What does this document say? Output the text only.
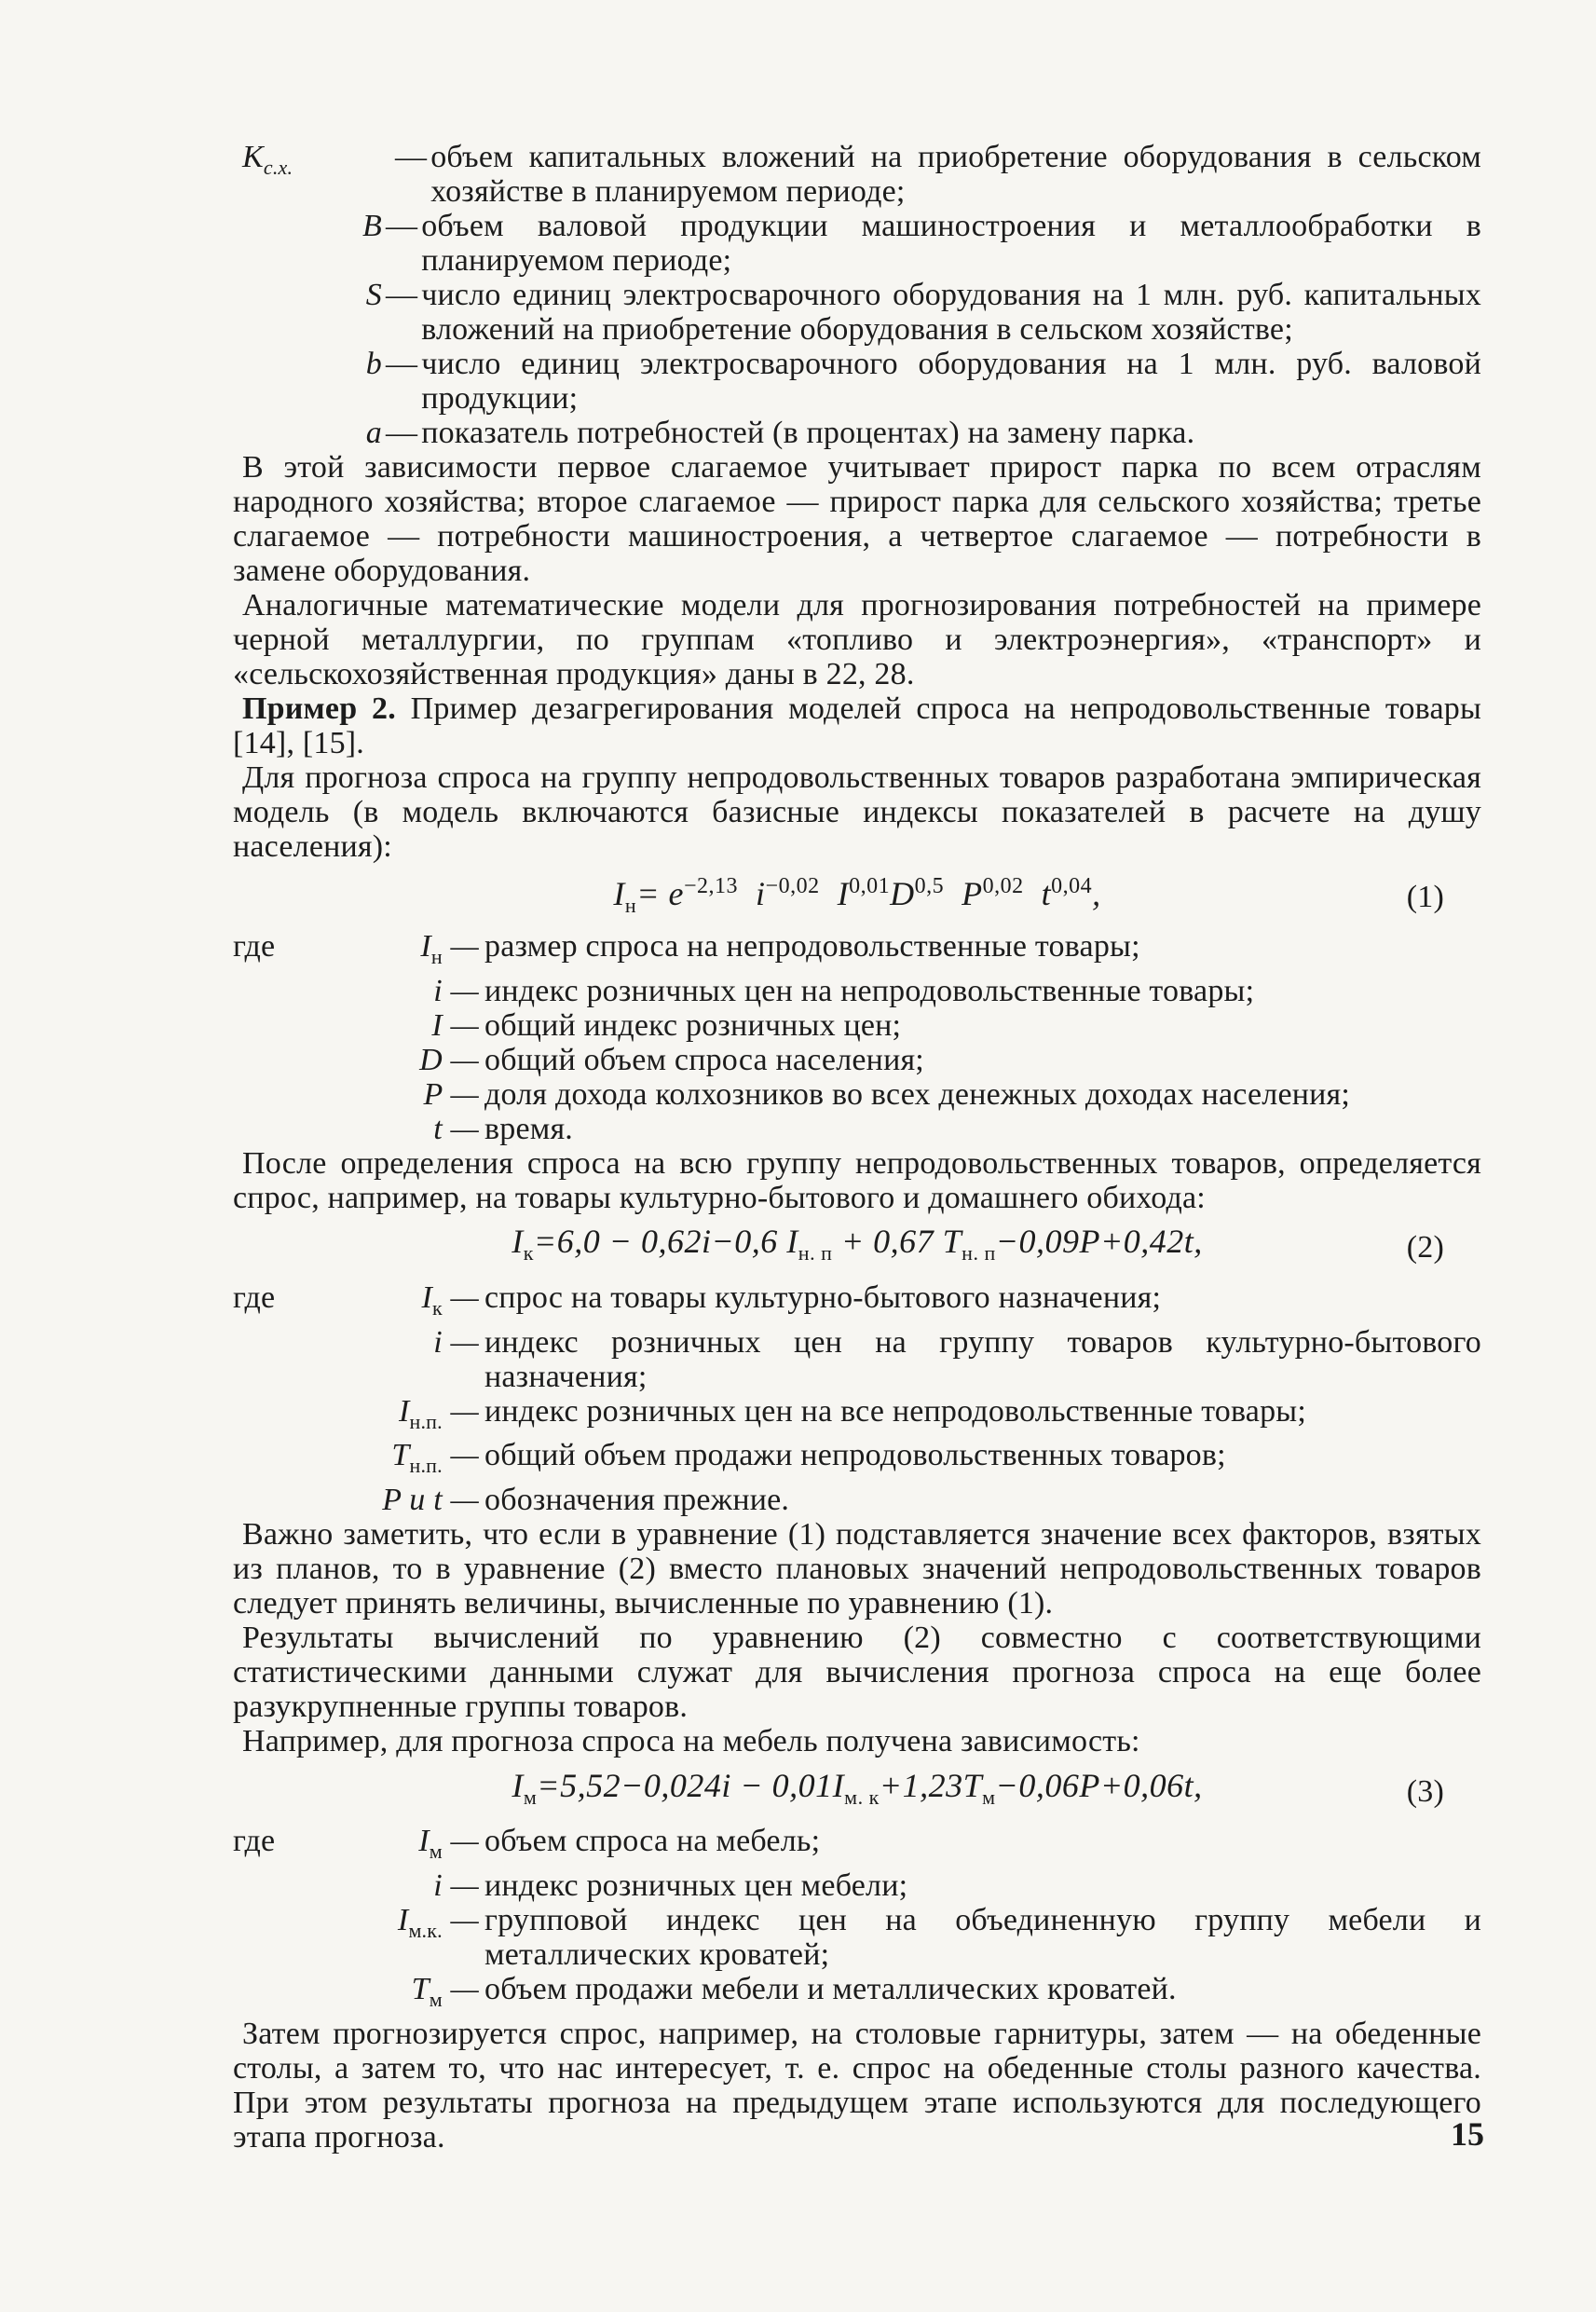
$K_{с.х.}$	— объем капитальных вложений на приобретение оборудования в сельском хозяйстве в планируемом периоде;
B — объем валовой продукции машиностроения и металлообработки в планируемом периоде;
S — число единиц электросварочного оборудования на 1 млн. руб. капитальных вложений на приобретение оборудования в сельском хозяйстве;
b — число единиц электросварочного оборудования на 1 млн. руб. валовой продукции;
a — показатель потребностей (в процентах) на замену парка.

В этой зависимости первое слагаемое учитывает прирост парка по всем отраслям народного хозяйства; второе слагаемое — прирост парка для сельского хозяйства; третье слагаемое — потребности машиностроения, а четвертое слагаемое — потребности в замене оборудования.

Аналогичные математические модели для прогнозирования потребностей на примере черной металлургии, по группам «топливо и электроэнергия», «транспорт» и «сельскохозяйственная продукция» даны в 22, 28.

Пример 2. Пример дезагрегирования моделей спроса на непродовольственные товары [14], [15].

Для прогноза спроса на группу непродовольственных товаров разработана эмпирическая модель (в модель включаются базисные индексы показателей в расчете на душу населения):

$I_н= e^{-2,13}$  $i^{-0,02}$  $I^{0,01}D^{0,5}$  P$^{0,02}$  $t^{0,04}$,	(1)
где	$I_н$ — размер спроса на непродовольственные товары;
i — индекс розничных цен на непродовольственные товары;
I — общий индекс розничных цен;
D — общий объем спроса населения;
P — доля дохода колхозников во всех денежных доходах населения;
t — время.

После определения спроса на всю группу непродовольственных товаров, определяется спрос, например, на товары культурно-бытового и домашнего обихода:

$I_к=6,0 - 0,62i-0,6$ $I_{н. п} + 0,67$ $T_{н. п}-0,09P+0,42t$,	(2)
где	$I_к$ — спрос на товары культурно-бытового назначения;
i — индекс розничных цен на группу товаров культурно-бытового назначения;
$I_{н.п.}$ — индекс розничных цен на все непродовольственные товары;
$T_{н.п.}$ — общий объем продажи непродовольственных товаров;
P и t — обозначения прежние.

Важно заметить, что если в уравнение (1) подставляется значение всех факторов, взятых из планов, то в уравнение (2) вместо плановых значений непродовольственных товаров следует принять величины, вычисленные по уравнению (1).

Результаты вычислений по уравнению (2) совместно с соответствующими статистическими данными служат для вычисления прогноза спроса на еще более разукрупненные группы товаров.

Например, для прогноза спроса на мебель получена зависимость:

$I_м=5,52-0,024i - 0,01I_{м. к}+1,23T_м-0,06P+0,06t$,	(3)
где	$I_м$ — объем спроса на мебель;
i — индекс розничных цен мебели;
$I_{м.к.}$ — групповой индекс цен на объединенную группу мебели и металлических кроватей;
$T_м$ — объем продажи мебели и металлических кроватей.

Затем прогнозируется спрос, например, на столовые гарнитуры, затем — на обеденные столы, а затем то, что нас интересует, т. е. спрос на обеденные столы разного качества. При этом результаты прогноза на предыдущем этапе используются для последующего этапа прогноза.	15
